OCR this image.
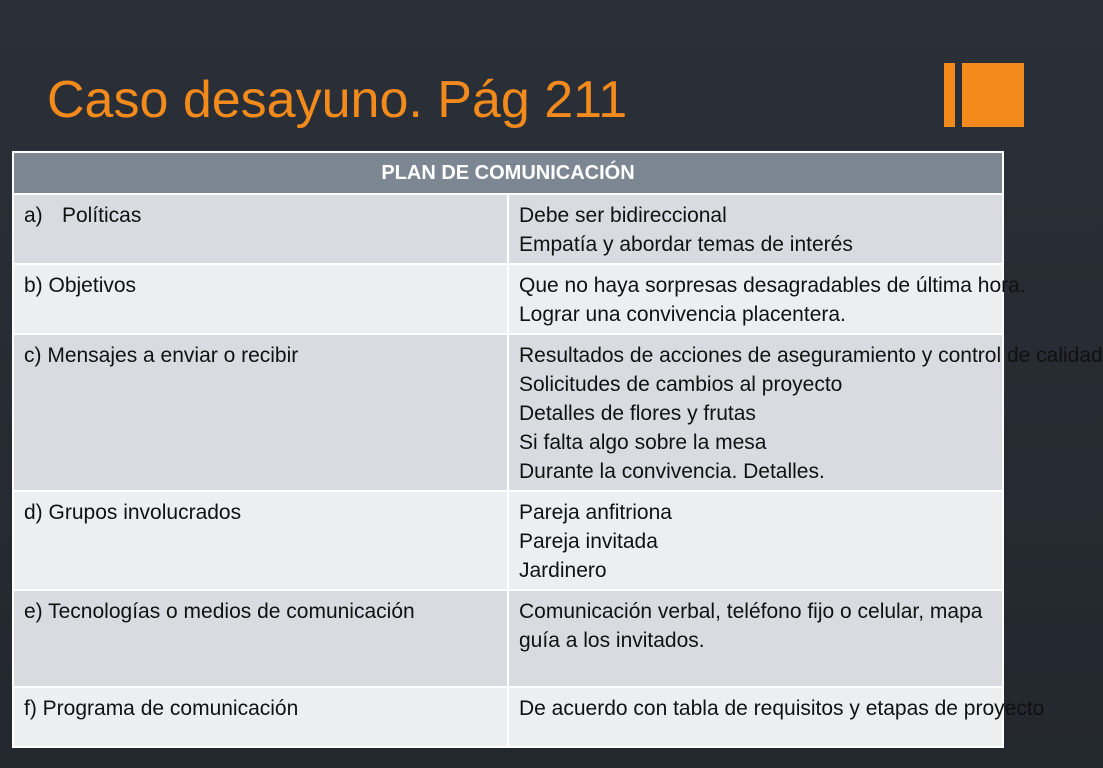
Caso desayuno. Pág 211
PLAN DE COMUNICACIÓN	
a) Políticas	Debe ser bidireccional
Empatía y abordar temas de interés

b) Objetivos	Que no haya sorpresas desagradables de última hora.
Lograr una convivencia placentera.

c) Mensajes a enviar o recibir	Resultados de acciones de aseguramiento y control de calidad
Solicitudes de cambios al proyecto
Detalles de flores y frutas
Si falta algo sobre la mesa
Durante la convivencia. Detalles.

d) Grupos involucrados	Pareja anfitriona
Pareja invitada
Jardinero

e) Tecnologías o medios de comunicación	Comunicación verbal, teléfono fijo o celular, mapa guía a los invitados.
f) Programa de comunicación	De acuerdo con tabla de requisitos y etapas de proyecto
